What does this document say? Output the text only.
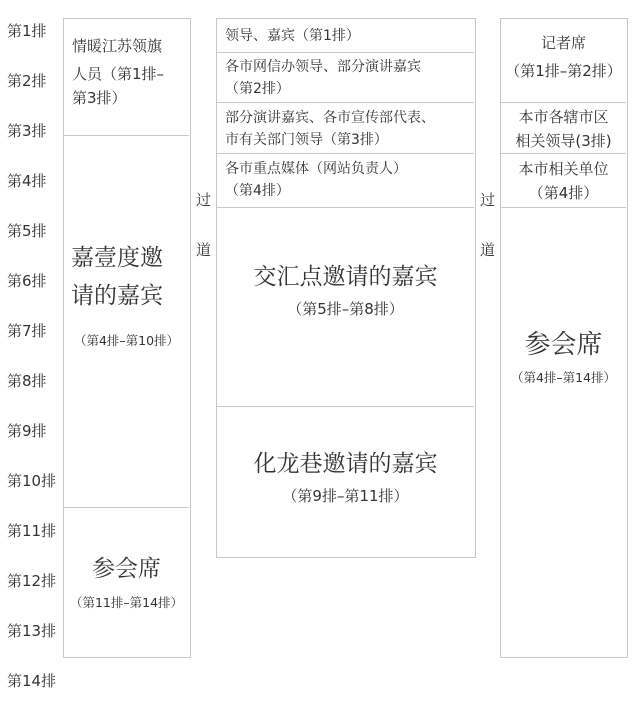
第1排
第2排
第3排
第4排
第5排
第6排
第7排
第8排
第9排
第10排
第11排
第12排
第13排
第14排
情暖江苏领旗
人员（第1排–
第3排）
嘉壹度邀
请的嘉宾
（第4排–第10排）
参会席
（第11排–第14排）
过
道
领导、嘉宾（第1排）
各市网信办领导、部分演讲嘉宾
（第2排）
部分演讲嘉宾、各市宣传部代表、
市有关部门领导（第3排）
各市重点媒体（网站负责人）
（第4排）
交汇点邀请的嘉宾
（第5排–第8排）
化龙巷邀请的嘉宾
（第9排–第11排）
过
道
记者席
（第1排–第2排）
本市各辖市区
相关领导(3排)
本市相关单位
（第4排）
参会席
（第4排–第14排）
